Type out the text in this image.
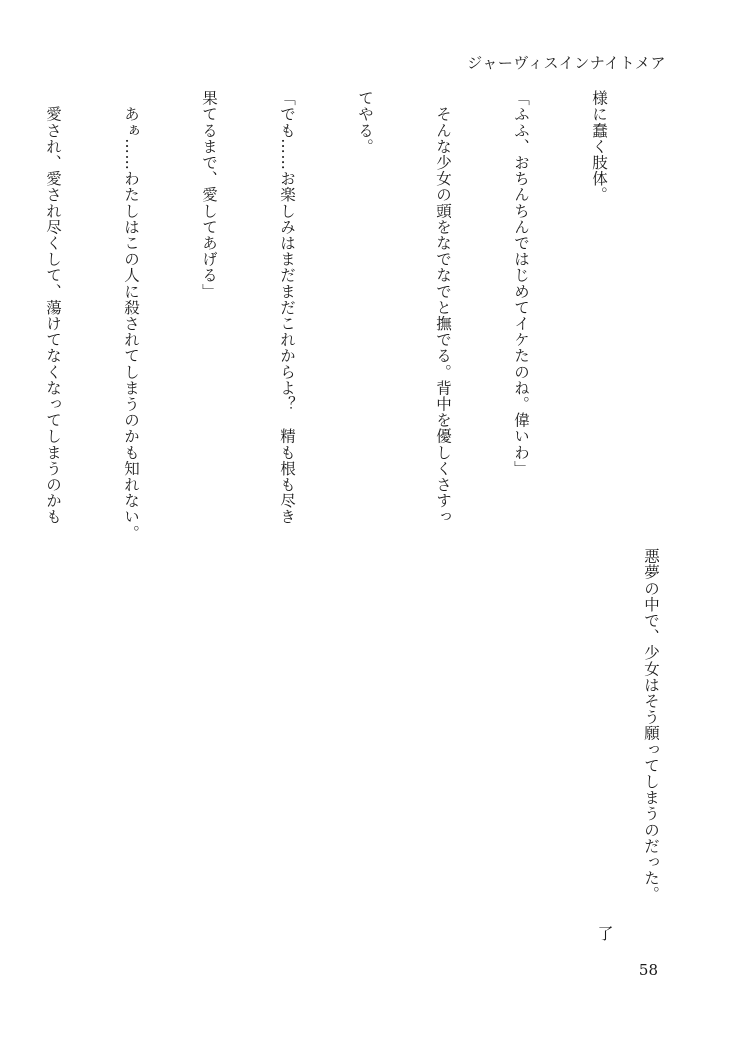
ジャーヴィスインナイトメア

様に蠢く肢体。

「ふふ、おちんちんではじめてイケたのね。偉いわ」

　そんな少女の頭をなでなでと撫でる。背中を優しくさすっ

てやる。

「でも……お楽しみはまだまだこれからよ？　精も根も尽き

果てるまで、愛してあげる」

　あぁ……わたしはこの人に殺されてしまうのかも知れない。

　愛され、愛され尽くして、蕩けてなくなってしまうのかも

悪夢の中で、少女はそう願ってしまうのだった。
了
58
